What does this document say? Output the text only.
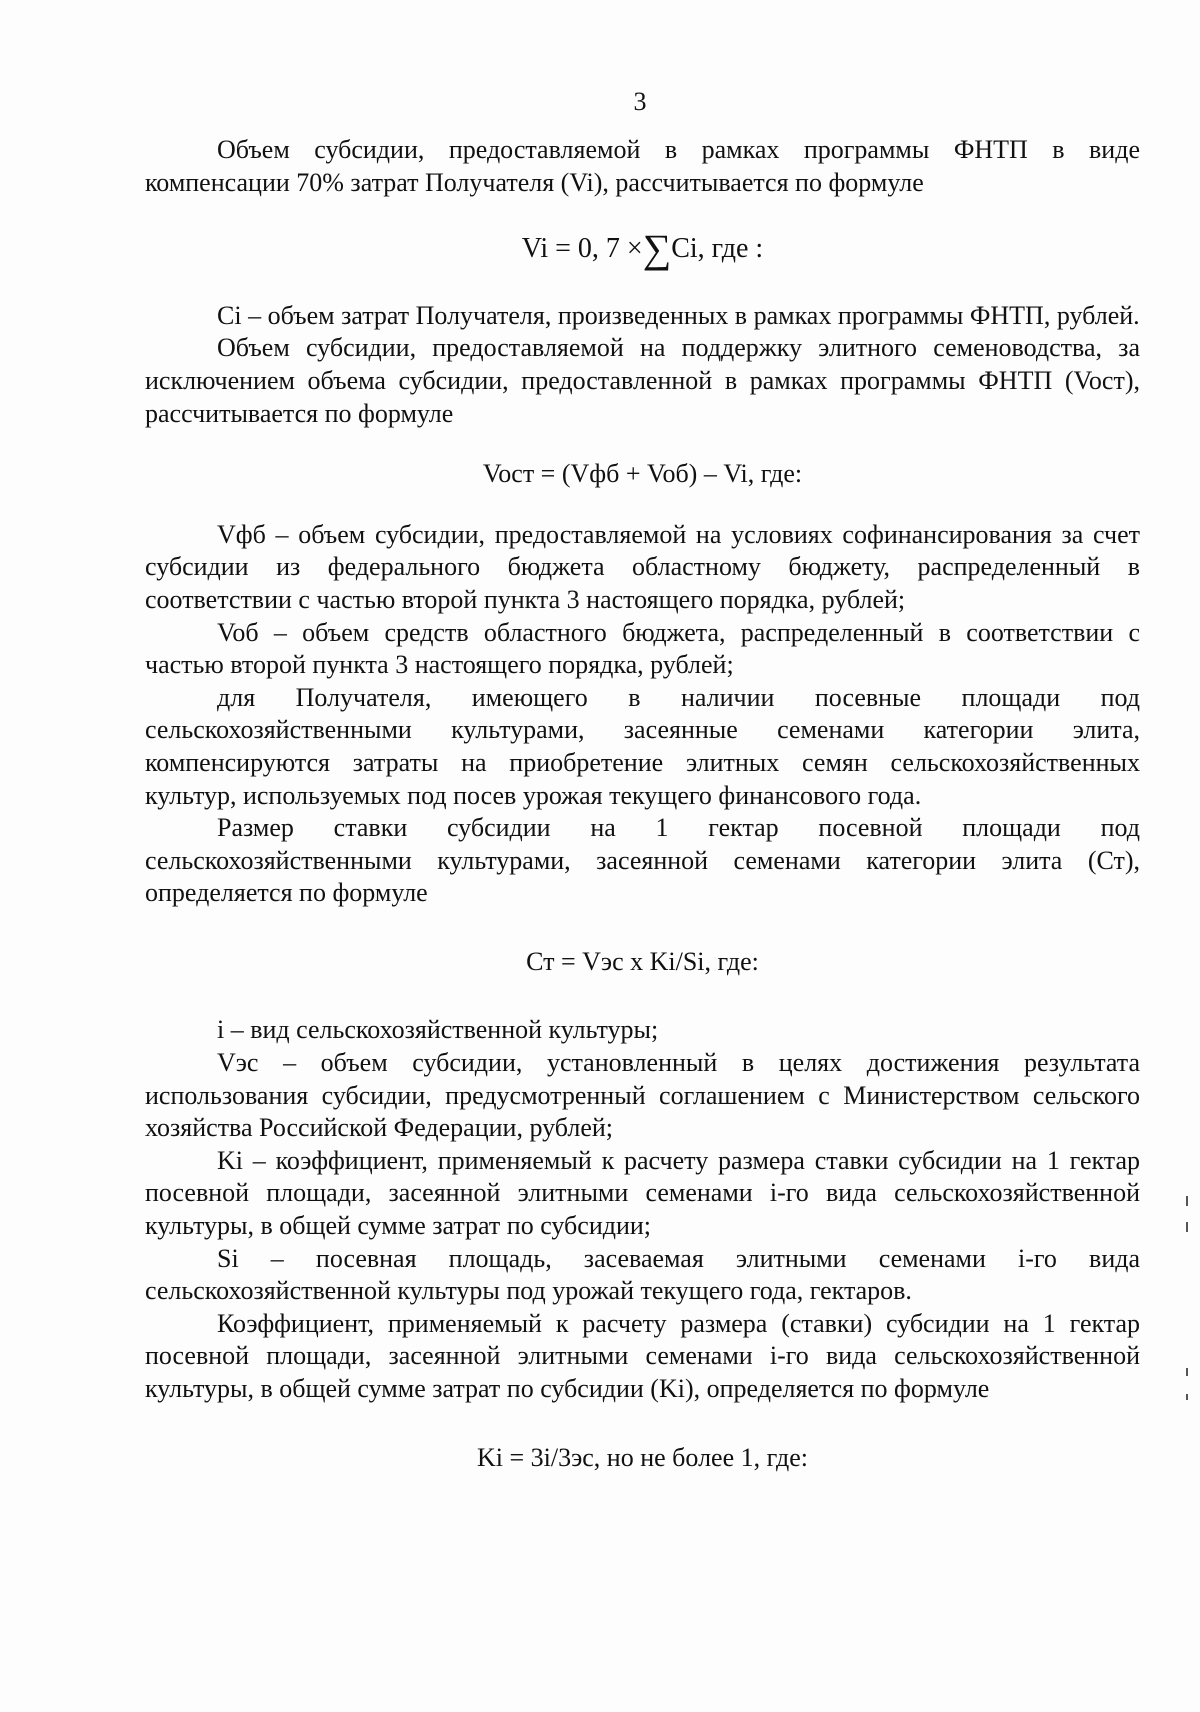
3

Объем субсидии, предоставляемой в рамках программы ФНТП в виде компенсации 70% затрат Получателя (Vi), рассчитывается по формуле

Vi = 0, 7 ×∑Ci, где :

Ci – объем затрат Получателя, произведенных в рамках программы ФНТП, рублей.

Объем субсидии, предоставляемой на поддержку элитного семеноводства, за исключением объема субсидии, предоставленной в рамках программы ФНТП (Voст), рассчитывается по формуле

Voст = (Vфб + Voб) – Vi, где:

Vфб – объем субсидии, предоставляемой на условиях софинансирования за счет субсидии из федерального бюджета областному бюджету, распределенный в соответствии с частью второй пункта 3 настоящего порядка, рублей;

Voб – объем средств областного бюджета, распределенный в соответствии с частью второй пункта 3 настоящего порядка, рублей;

для Получателя, имеющего в наличии посевные площади под сельскохозяйственными культурами, засеянные семенами категории элита, компенсируются затраты на приобретение элитных семян сельскохозяйственных культур, используемых под посев урожая текущего финансового года.

Размер ставки субсидии на 1 гектар посевной площади под сельскохозяйственными культурами, засеянной семенами категории элита (Ст), определяется по формуле

Ст = Vэс х Ki/Si, где:

i – вид сельскохозяйственной культуры;

Vэс – объем субсидии, установленный в целях достижения результата использования субсидии, предусмотренный соглашением с Министерством сельского хозяйства Российской Федерации, рублей;

Ki – коэффициент, применяемый к расчету размера ставки субсидии на 1 гектар посевной площади, засеянной элитными семенами i-го вида сельскохозяйственной культуры, в общей сумме затрат по субсидии;

Si – посевная площадь, засеваемая элитными семенами i-го вида сельскохозяйственной культуры под урожай текущего года, гектаров.

Коэффициент, применяемый к расчету размера (ставки) субсидии на 1 гектар посевной площади, засеянной элитными семенами i-го вида сельскохозяйственной культуры, в общей сумме затрат по субсидии (Ki), определяется по формуле

Ki = 3i/3эс, но не более 1, где:
